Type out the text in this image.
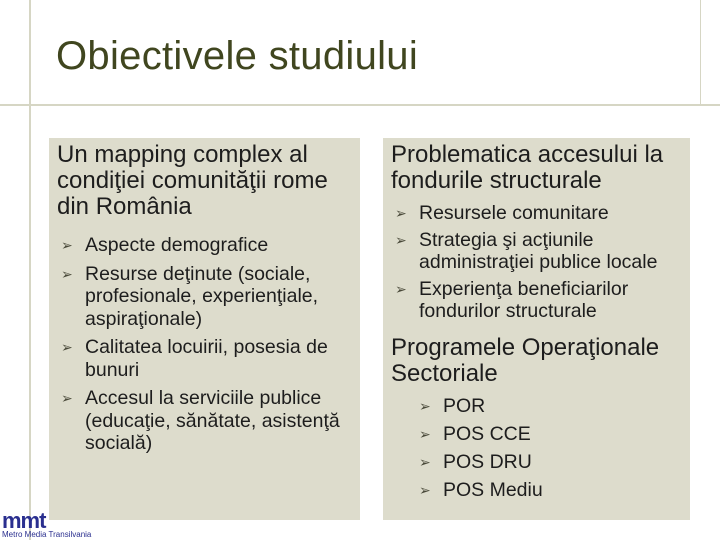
Obiectivele studiului

Un mapping complex al condiţiei comunităţii rome din România

➢ Aspecte demografice
➢ Resurse deţinute (sociale, profesionale, experienţiale, aspiraţionale)
➢ Calitatea locuirii, posesia de bunuri
➢ Accesul la serviciile publice (educaţie, sănătate, asistenţă socială)

Problematica accesului la fondurile structurale

➢ Resursele comunitare
➢ Strategia şi acţiunile administraţiei publice locale
➢ Experienţa beneficiarilor fondurilor structurale

Programele Operaţionale Sectoriale

➢ POR
➢ POS CCE
➢ POS DRU
➢ POS Mediu
mmt
Metro Media Transilvania
